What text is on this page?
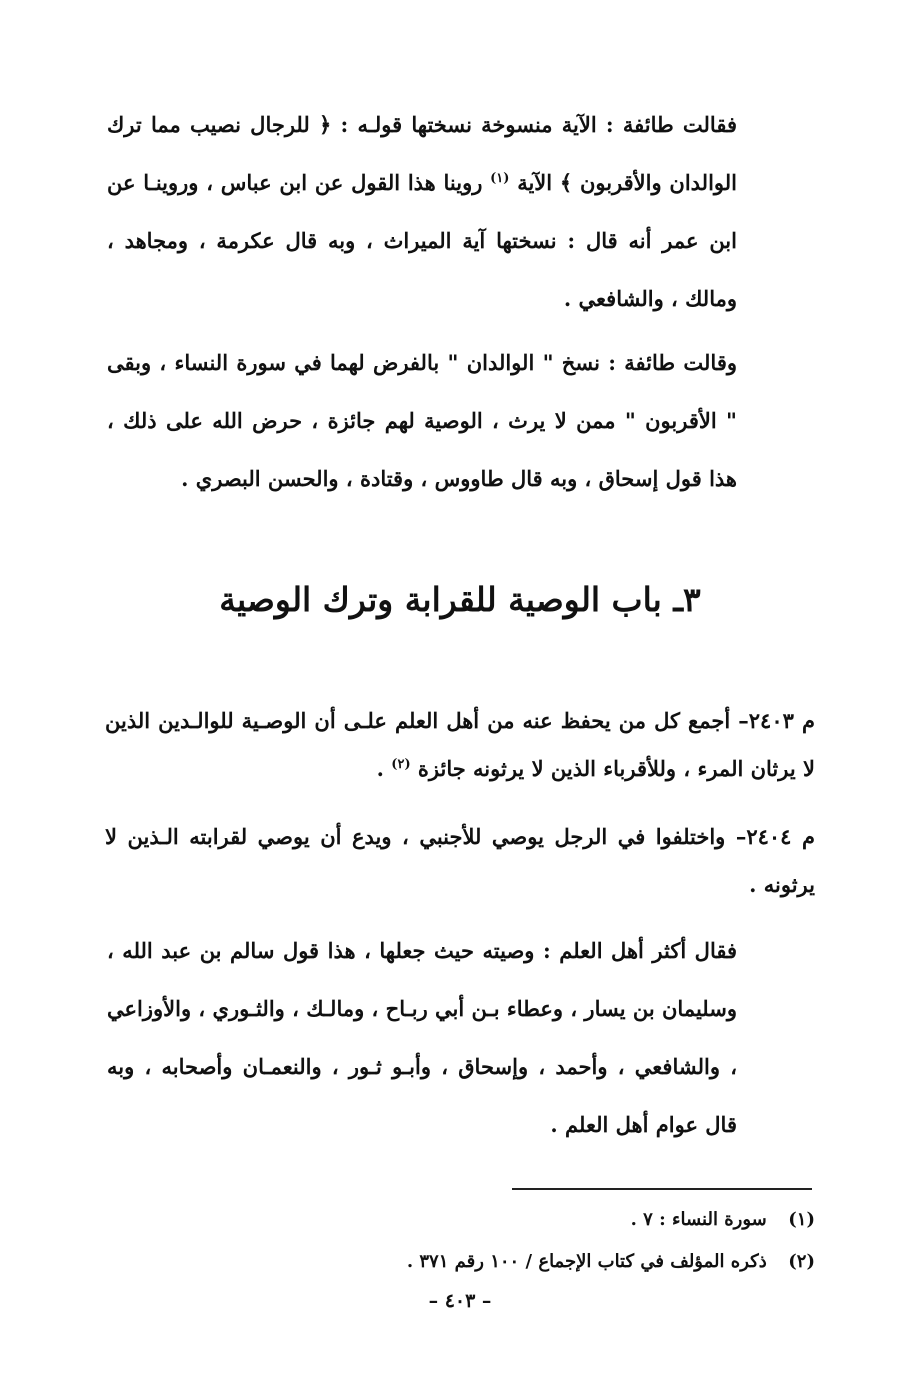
فقالت طائفة : الآية منسوخة نسختها قولـه : ﴿ للرجال نصيب مما ترك الوالدان والأقربون ﴾ الآية $^{(١)}$ روينا هذا القول عن ابن عباس ، وروينـا عن ابن عمر أنه قال : نسختها آية الميراث ، وبه قال عكرمة ، ومجاهد ، ومالك ، والشافعي .

وقالت طائفة : نسخ " الوالدان " بالفرض لهما في سورة النساء ، وبقى " الأقربون " ممن لا يرث ، الوصية لهم جائزة ، حرض الله على ذلك ، هذا قول إسحاق ، وبه قال طاووس ، وقتادة ، والحسن البصري .

٣ـ باب الوصية للقرابة وترك الوصية

م ٢٤٠٣– أجمع كل من يحفظ عنه من أهل العلم علـى أن الوصـية للوالـدين الذين لا يرثان المرء ، وللأقرباء الذين لا يرثونه جائزة $^{(٢)}$ .

م ٢٤٠٤– واختلفوا في الرجل يوصي للأجنبي ، ويدع أن يوصي لقرابته الـذين لا يرثونه .

فقال أكثر أهل العلم : وصيته حيث جعلها ، هذا قول سالم بن عبد الله ، وسليمان بن يسار ، وعطاء بـن أبي ربـاح ، ومالـك ، والثـوري ، والأوزاعي ، والشافعي ، وأحمد ، وإسحاق ، وأبـو ثـور ، والنعمـان وأصحابه ، وبه قال عوام أهل العلم .

(١) سورة النساء : ٧ .
(٢) ذكره المؤلف في كتاب الإجماع / ١٠٠ رقم ٣٧١ .
– ٤٠٣ –
